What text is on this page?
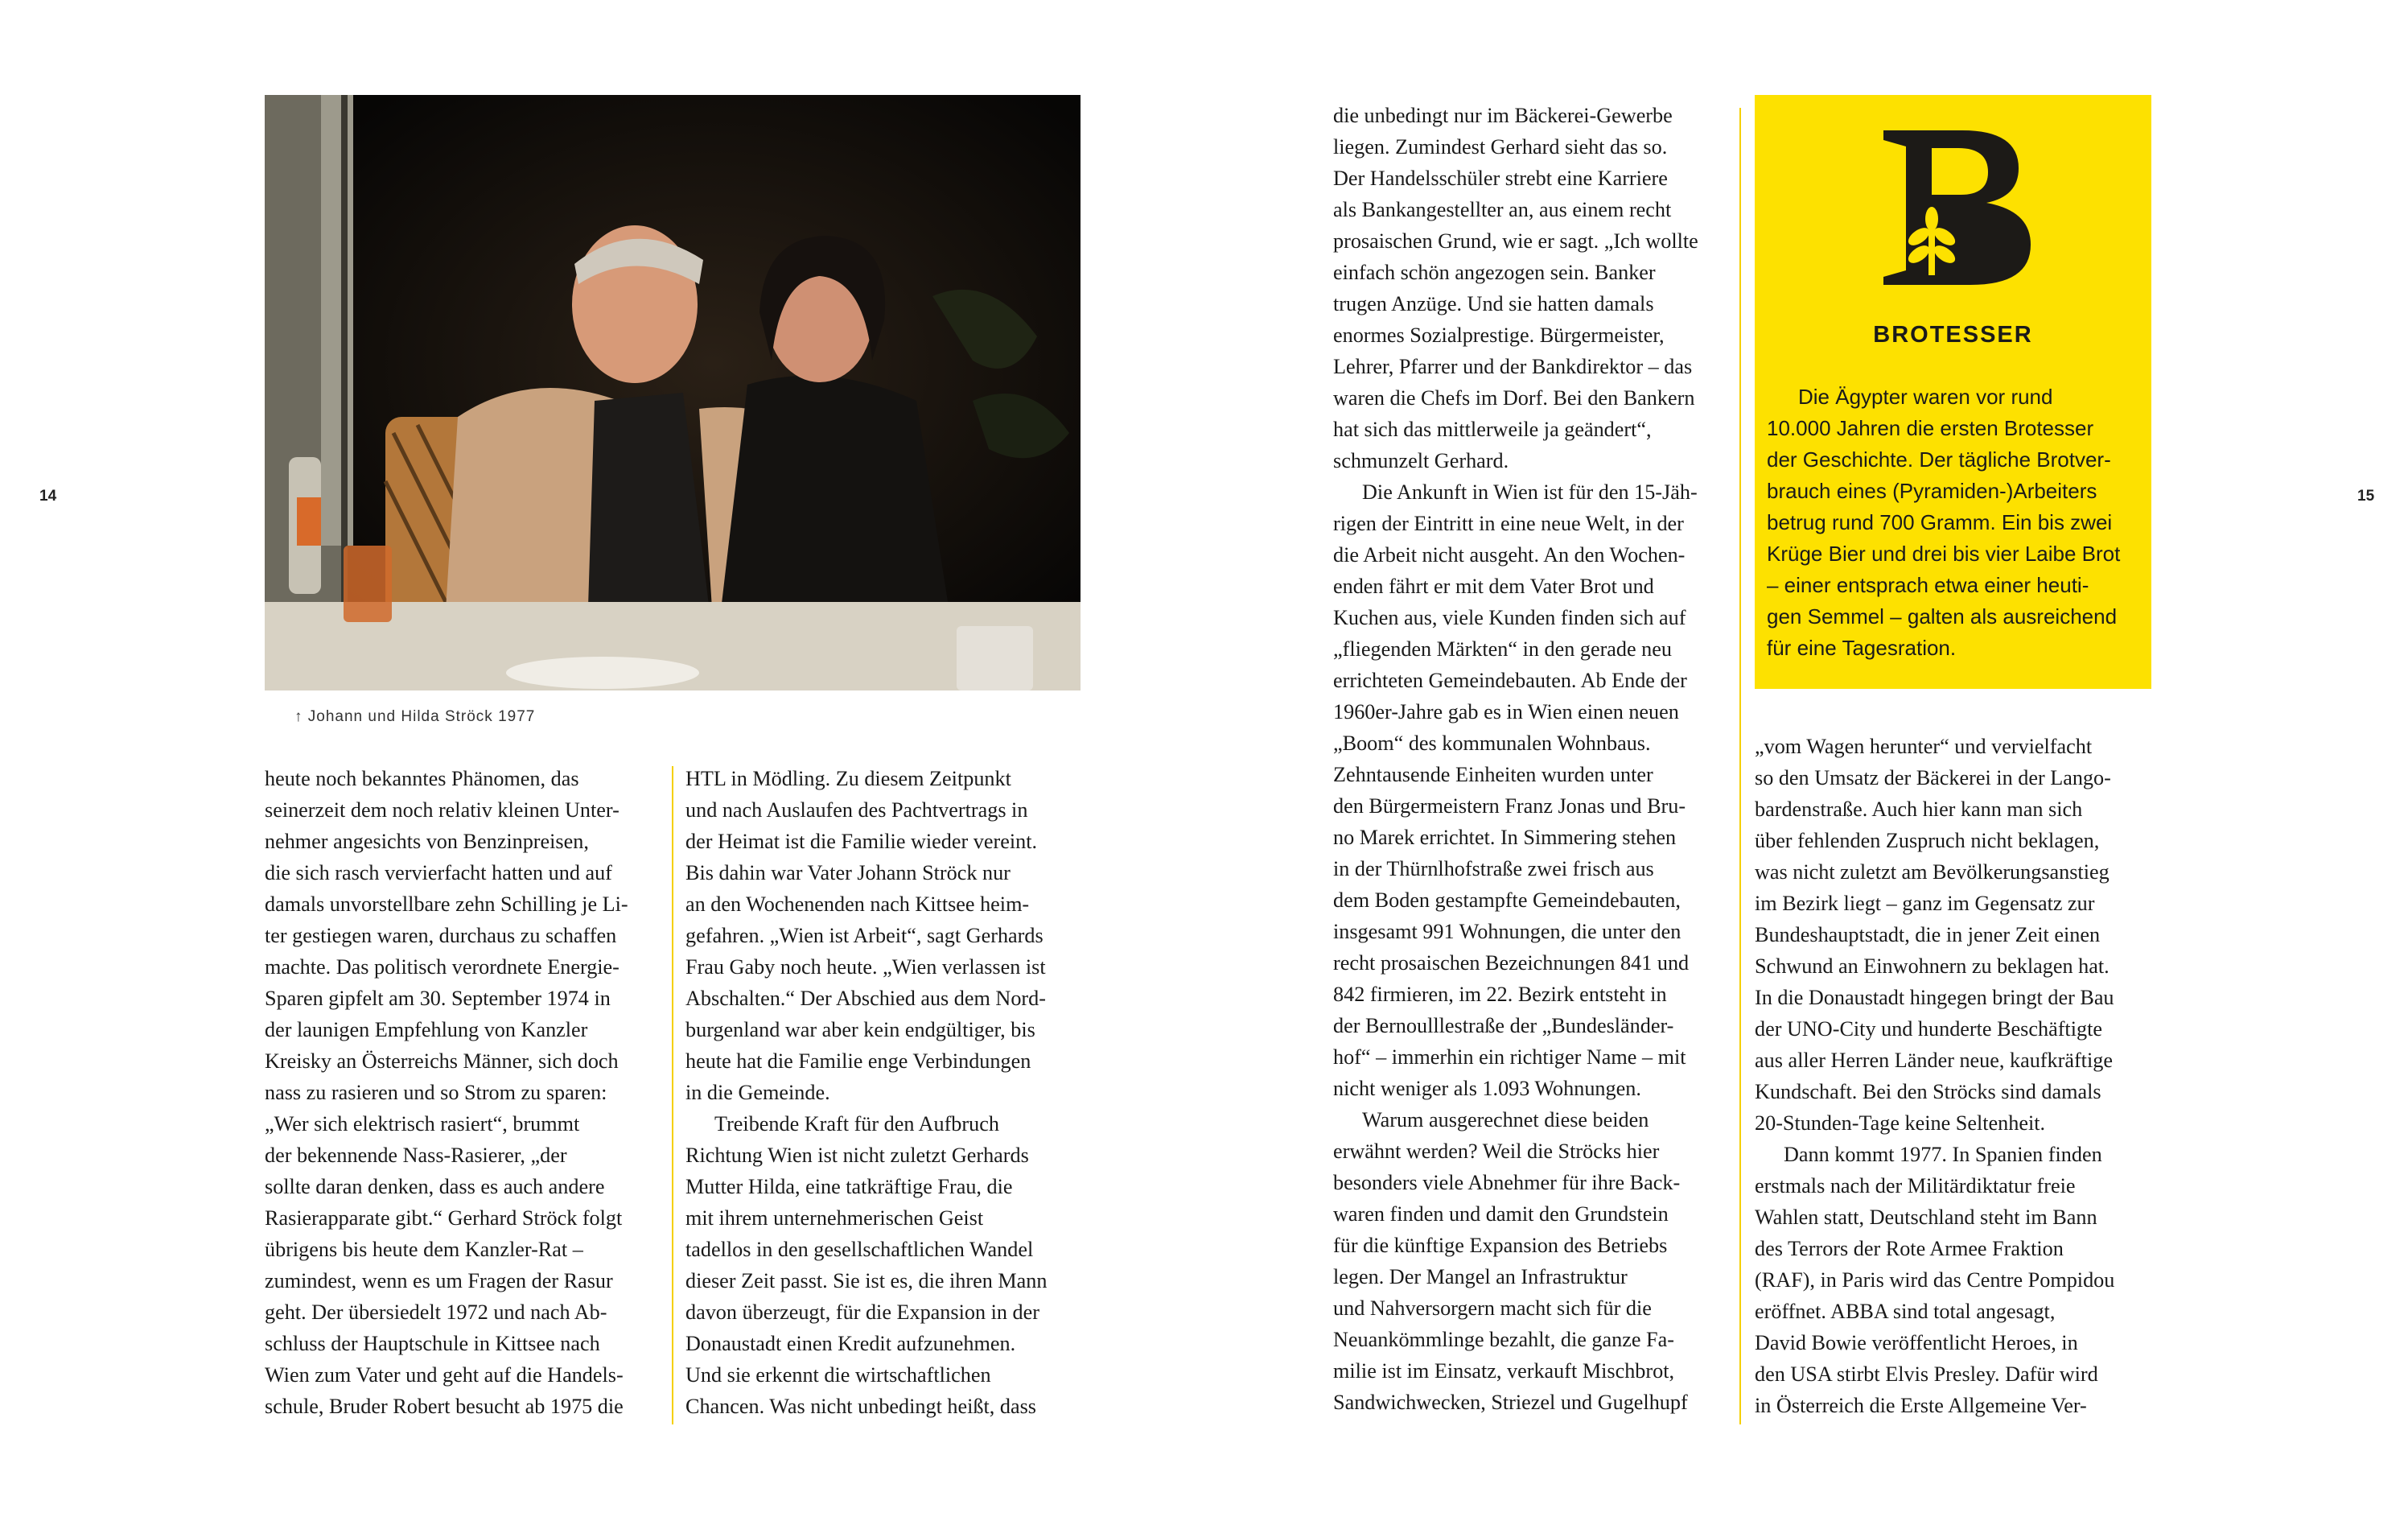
14	15
↑ Johann und Hilda Ströck 1977
heute noch bekanntes Phänomen, das
seinerzeit dem noch relativ kleinen Unter-
nehmer angesichts von Benzinpreisen,
die sich rasch vervierfacht hatten und auf
damals unvorstellbare zehn Schilling je Li-
ter gestiegen waren, durchaus zu schaffen
machte. Das politisch verordnete Energie-
Sparen gipfelt am 30. September 1974 in
der launigen Empfehlung von Kanzler
Kreisky an Österreichs Männer, sich doch
nass zu rasieren und so Strom zu sparen:
„Wer sich elektrisch rasiert“, brummt
der bekennende Nass-Rasierer, „der
sollte daran denken, dass es auch andere
Rasierapparate gibt.“ Gerhard Ströck folgt
übrigens bis heute dem Kanzler-Rat –
zumindest, wenn es um Fragen der Rasur
geht. Der übersiedelt 1972 und nach Ab-
schluss der Hauptschule in Kittsee nach
Wien zum Vater und geht auf die Handels-
schule, Bruder Robert besucht ab 1975 die
HTL in Mödling. Zu diesem Zeitpunkt
und nach Auslaufen des Pachtvertrags in
der Heimat ist die Familie wieder vereint.
Bis dahin war Vater Johann Ströck nur
an den Wochenenden nach Kittsee heim-
gefahren. „Wien ist Arbeit“, sagt Gerhards
Frau Gaby noch heute. „Wien verlassen ist
Abschalten.“ Der Abschied aus dem Nord-
burgenland war aber kein endgültiger, bis
heute hat die Familie enge Verbindungen
in die Gemeinde.
Treibende Kraft für den Aufbruch
Richtung Wien ist nicht zuletzt Gerhards
Mutter Hilda, eine tatkräftige Frau, die
mit ihrem unternehmerischen Geist
tadellos in den gesellschaftlichen Wandel
dieser Zeit passt. Sie ist es, die ihren Mann
davon überzeugt, für die Expansion in der
Donaustadt einen Kredit aufzunehmen.
Und sie erkennt die wirtschaftlichen
Chancen. Was nicht unbedingt heißt, dass
die unbedingt nur im Bäckerei-Gewerbe
liegen. Zumindest Gerhard sieht das so.
Der Handelsschüler strebt eine Karriere
als Bankangestellter an, aus einem recht
prosaischen Grund, wie er sagt. „Ich wollte
einfach schön angezogen sein. Banker
trugen Anzüge. Und sie hatten damals
enormes Sozialprestige. Bürgermeister,
Lehrer, Pfarrer und der Bankdirektor – das
waren die Chefs im Dorf. Bei den Bankern
hat sich das mittlerweile ja geändert“,
schmunzelt Gerhard.
Die Ankunft in Wien ist für den 15-Jäh-
rigen der Eintritt in eine neue Welt, in der
die Arbeit nicht ausgeht. An den Wochen-
enden fährt er mit dem Vater Brot und
Kuchen aus, viele Kunden finden sich auf
„fliegenden Märkten“ in den gerade neu
errichteten Gemeindebauten. Ab Ende der
1960er-Jahre gab es in Wien einen neuen
„Boom“ des kommunalen Wohnbaus.
Zehntausende Einheiten wurden unter
den Bürgermeistern Franz Jonas und Bru-
no Marek errichtet. In Simmering stehen
in der Thürnlhofstraße zwei frisch aus
dem Boden gestampfte Gemeindebauten,
insgesamt 991 Wohnungen, die unter den
recht prosaischen Bezeichnungen 841 und
842 firmieren, im 22. Bezirk entsteht in
der Bernoulllestraße der „Bundesländer-
hof“ – immerhin ein richtiger Name – mit
nicht weniger als 1.093 Wohnungen.
Warum ausgerechnet diese beiden
erwähnt werden? Weil die Ströcks hier
besonders viele Abnehmer für ihre Back-
waren finden und damit den Grundstein
für die künftige Expansion des Betriebs
legen. Der Mangel an Infrastruktur
und Nahversorgern macht sich für die
Neuankömmlinge bezahlt, die ganze Fa-
milie ist im Einsatz, verkauft Mischbrot,
Sandwichwecken, Striezel und Gugelhupf
BROTESSER
Die Ägypter waren vor rund
10.000 Jahren die ersten Brotesser
der Geschichte. Der tägliche Brotver-
brauch eines (Pyramiden-)Arbeiters
betrug rund 700 Gramm. Ein bis zwei
Krüge Bier und drei bis vier Laibe Brot
– einer entsprach etwa einer heuti-
gen Semmel – galten als ausreichend
für eine Tagesration.
„vom Wagen herunter“ und vervielfacht
so den Umsatz der Bäckerei in der Lango-
bardenstraße. Auch hier kann man sich
über fehlenden Zuspruch nicht beklagen,
was nicht zuletzt am Bevölkerungsanstieg
im Bezirk liegt – ganz im Gegensatz zur
Bundeshauptstadt, die in jener Zeit einen
Schwund an Einwohnern zu beklagen hat.
In die Donaustadt hingegen bringt der Bau
der UNO-City und hunderte Beschäftigte
aus aller Herren Länder neue, kaufkräftige
Kundschaft. Bei den Ströcks sind damals
20-Stunden-Tage keine Seltenheit.
Dann kommt 1977. In Spanien finden
erstmals nach der Militärdiktatur freie
Wahlen statt, Deutschland steht im Bann
des Terrors der Rote Armee Fraktion
(RAF), in Paris wird das Centre Pompidou
eröffnet. ABBA sind total angesagt,
David Bowie veröffentlicht Heroes, in
den USA stirbt Elvis Presley. Dafür wird
in Österreich die Erste Allgemeine Ver-
